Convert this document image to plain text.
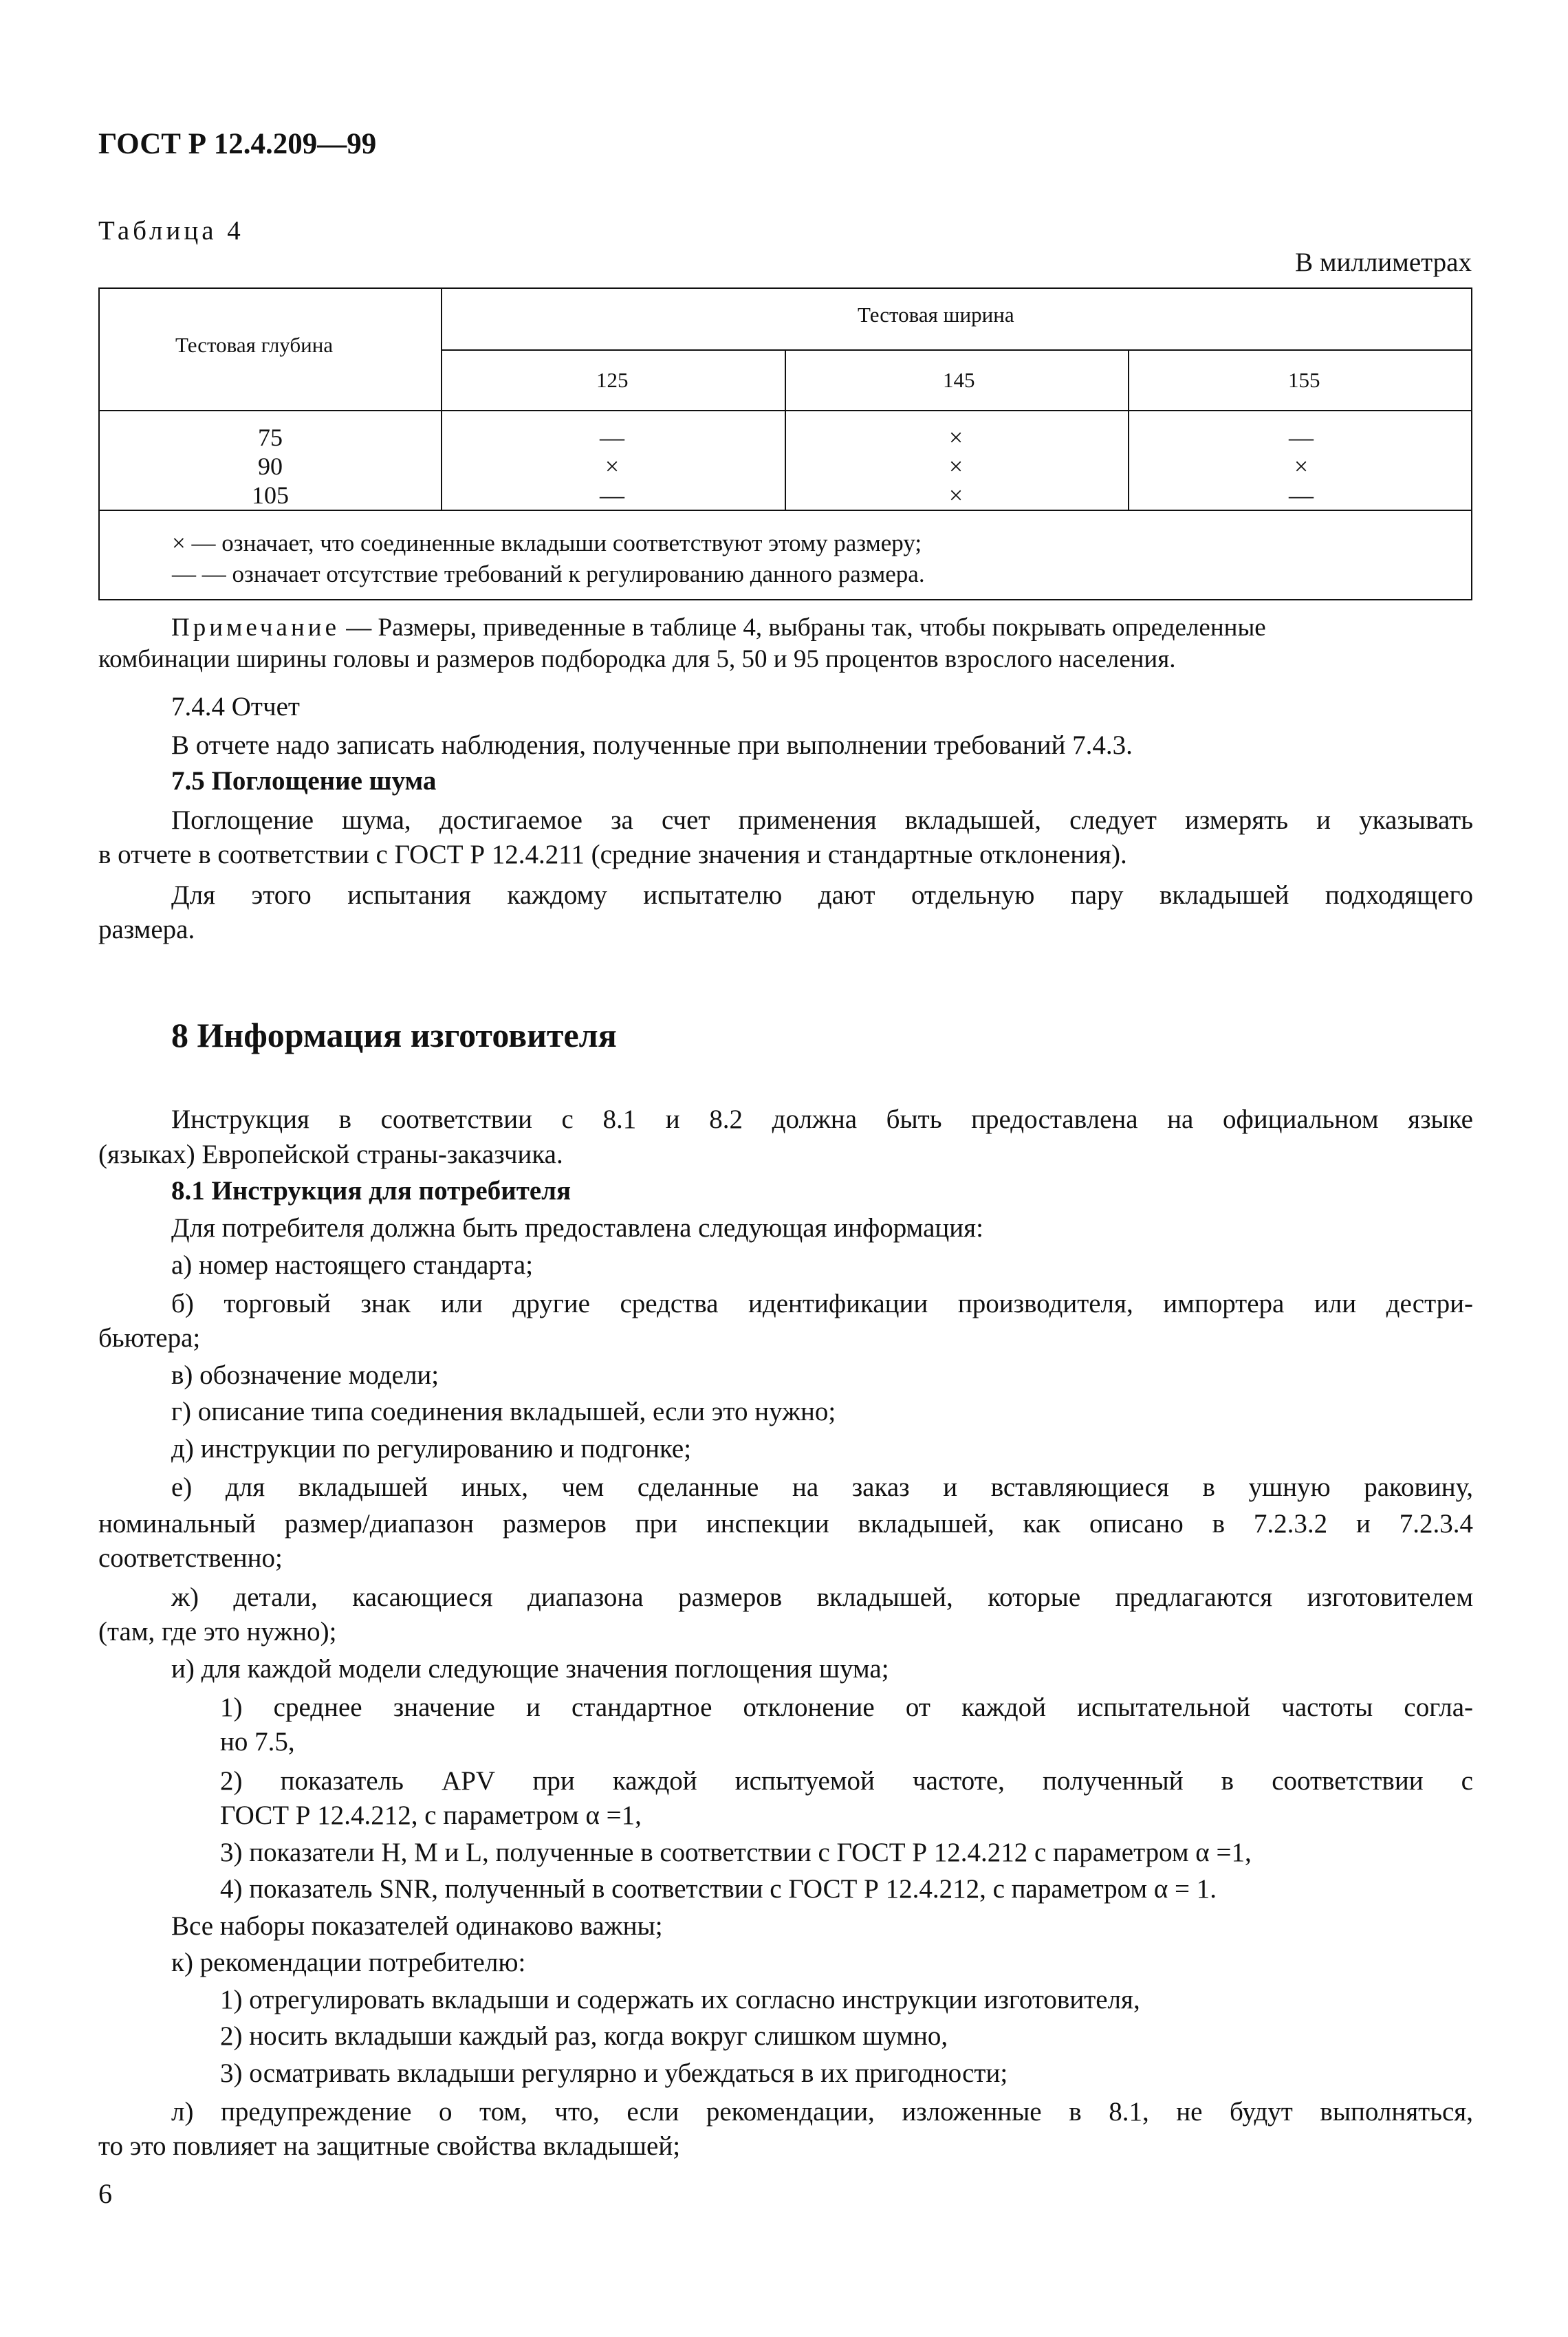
ГОСТ Р 12.4.209—99
Таблица 4
В миллиметрах
Тестовая глубина
Тестовая ширина
125	145	155
75	—	×	—
90	×	×	×
105	—	×	—
× — означает, что соединенные вкладыши соответствуют этому размеру;
— — означает отсутствие требований к регулированию данного размера.
Примечание — Размеры, приведенные в таблице 4, выбраны так, чтобы покрывать определенные
комбинации ширины головы и размеров подбородка для 5, 50 и 95 процентов взрослого населения.
7.4.4 Отчет
В отчете надо записать наблюдения, полученные при выполнении требований 7.4.3.
7.5 Поглощение шума
Поглощение шума, достигаемое за счет применения вкладышей, следует измерять и указывать
в отчете в соответствии с ГОСТ Р 12.4.211 (средние значения и стандартные отклонения).
Для этого испытания каждому испытателю дают отдельную пару вкладышей подходящего
размера.
8 Информация изготовителя
Инструкция в соответствии с 8.1 и 8.2 должна быть предоставлена на официальном языке
(языках) Европейской страны-заказчика.
8.1 Инструкция для потребителя
Для потребителя должна быть предоставлена следующая информация:
а) номер настоящего стандарта;
б) торговый знак или другие средства идентификации производителя, импортера или дестри-
бьютера;
в) обозначение модели;
г) описание типа соединения вкладышей, если это нужно;
д) инструкции по регулированию и подгонке;
е) для вкладышей иных, чем сделанные на заказ и вставляющиеся в ушную раковину,
номинальный размер/диапазон размеров при инспекции вкладышей, как описано в 7.2.3.2 и 7.2.3.4
соответственно;
ж) детали, касающиеся диапазона размеров вкладышей, которые предлагаются изготовителем
(там, где это нужно);
и) для каждой модели следующие значения поглощения шума;
1) среднее значение и стандартное отклонение от каждой испытательной частоты согла-
но 7.5,
2) показатель APV при каждой испытуемой частоте, полученный в соответствии с
ГОСТ Р 12.4.212, с параметром α =1,
3) показатели H, M и L, полученные в соответствии с ГОСТ Р 12.4.212 с параметром α =1,
4) показатель SNR, полученный в соответствии с ГОСТ Р 12.4.212, с параметром α = 1.
Все наборы показателей одинаково важны;
к) рекомендации потребителю:
1) отрегулировать вкладыши и содержать их согласно инструкции изготовителя,
2) носить вкладыши каждый раз, когда вокруг слишком шумно,
3) осматривать вкладыши регулярно и убеждаться в их пригодности;
л) предупреждение о том, что, если рекомендации, изложенные в 8.1, не будут выполняться,
то это повлияет на защитные свойства вкладышей;
6
